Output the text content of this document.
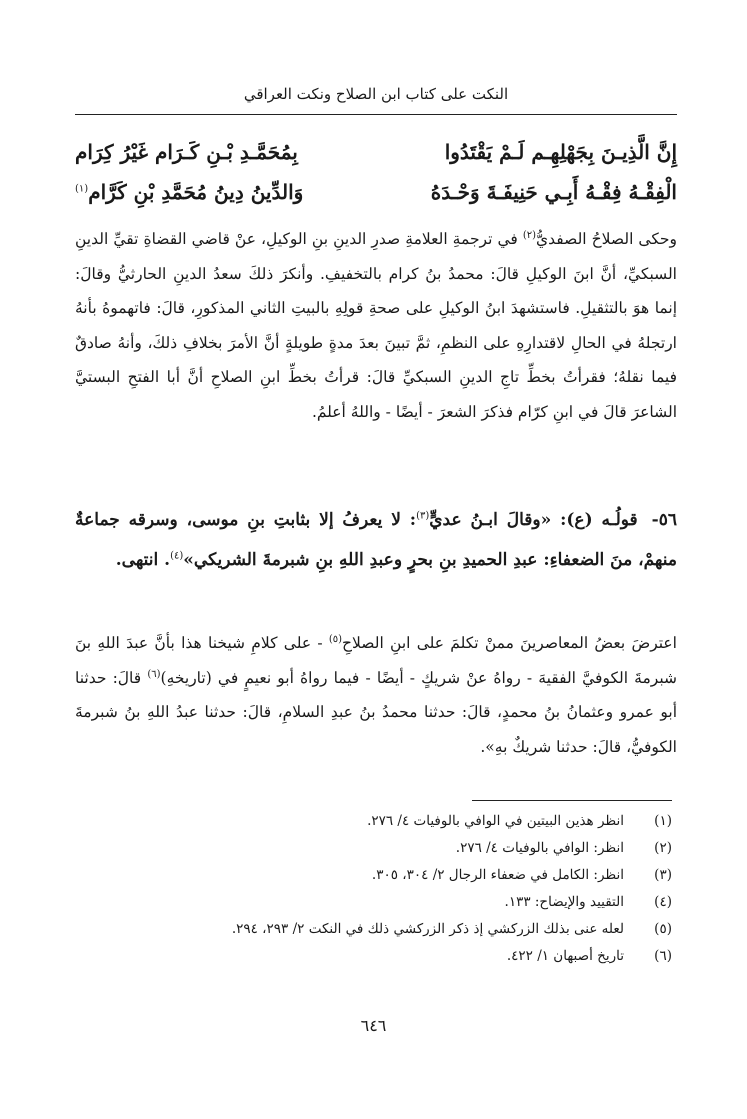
النكت على كتاب ابن الصلاح ونكت العراقي
إِنَّ الَّذِيـنَ بِجَهْلِهِـم لَـمْ يَقْتَدُوا
بِمُحَمَّـدِ بْـنِ كَـرَام غَيْرُ كِرَام
الْفِقْـهُ فِقْـهُ أَبِـي حَنِيفَـةَ وَحْـدَهُ
وَالدِّينُ دِينُ مُحَمَّدِ بْنِ كَرَّام$^{(١)}$
وحكى الصلاحُ الصفديُّ$^{(٢)}$ في ترجمةِ العلامةِ صدرِ الدينِ بنِ الوكيلِ، عنْ قاضي القضاةِ تقيِّ الدينِ السبكيِّ، أنَّ ابنَ الوكيلِ قالَ: محمدُ بنُ كرام بالتخفيفِ. وأنكرَ ذلكَ سعدُ الدينِ الحارثيُّ وقالَ: إنما هوَ بالتثقيلِ. فاستشهدَ ابنُ الوكيلِ على صحةِ قولِهِ بالبيتِ الثاني المذكورِ، قالَ: فاتهموهُ بأنهُ ارتجلهُ في الحالِ لاقتدارِهِ على النظمِ، ثمَّ تبينَ بعدَ مدةٍ طويلةٍ أنَّ الأمرَ بخلافِ ذلكَ، وأنهُ صادقٌ فيما نقلهُ؛ فقرأتُ بخطِّ تاجِ الدينِ السبكيِّ قالَ: قرأتُ بخطِّ ابنِ الصلاحِ أنَّ أبا الفتحِ البستيَّ الشاعرَ قالَ في ابنِ كرّام فذكرَ الشعرَ - أيضًا - واللهُ أعلمُ.
٥٦-قولُـه (ع): «وقالَ ابـنُ عديٍّ$^{(٣)}$: لا يعرفُ إلا بثابتِ بنِ موسى، وسرقه جماعةٌ منهمْ، منَ الضعفاءِ: عبدِ الحميدِ بنِ بحرٍ وعبدِ اللهِ بنِ شبرمةَ الشريكي»$^{(٤)}$. انتهى.
اعترضَ بعضُ المعاصرينَ ممنْ تكلمَ على ابنِ الصلاحِ$^{(٥)}$ - على كلامِ شيخنا هذا بأنَّ عبدَ اللهِ بنَ شبرمةَ الكوفيَّ الفقيهَ - رواهُ عنْ شريكٍ - أيضًا - فيما رواهُ أبو نعيمٍ في (تاريخهِ)$^{(٦)}$ قالَ: حدثنا أبو عمرو وعثمانُ بنُ محمدٍ، قالَ: حدثنا محمدُ بنُ عبدِ السلامِ، قالَ: حدثنا عبدُ اللهِ بنُ شبرمةَ الكوفيُّ، قالَ: حدثنا شريكٌ بهِ».
(١)
انظر هذين البيتين في الوافي بالوفيات ٤/ ٢٧٦.
(٢)
انظر: الوافي بالوفيات ٤/ ٢٧٦.
(٣)
انظر: الكامل في ضعفاء الرجال ٢/ ٣٠٤، ٣٠٥.
(٤)
التقييد والإيضاح: ١٣٣.
(٥)
لعله عنى بذلك الزركشي إذ ذكر الزركشي ذلك في النكت ٢/ ٢٩٣، ٢٩٤.
(٦)
تاريخ أصبهان ١/ ٤٢٢.
٦٤٦
